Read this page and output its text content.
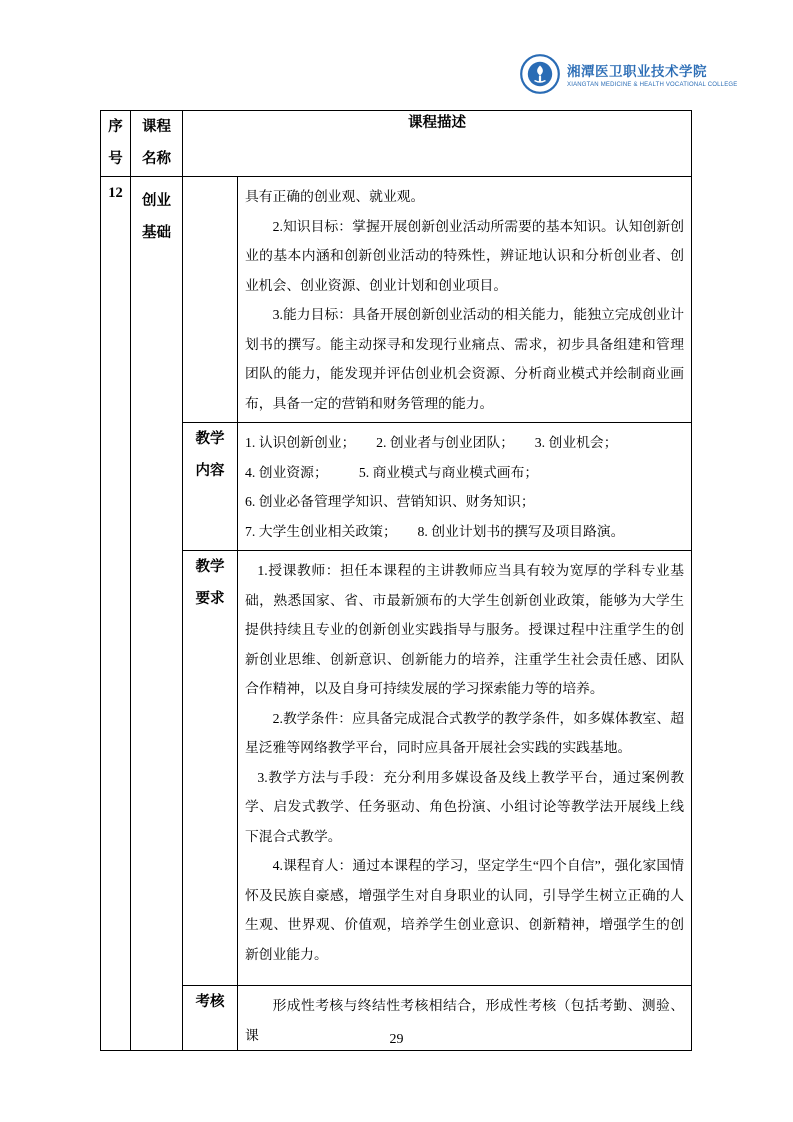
湘潭医卫职业技术学院
XIANGTAN MEDICINE & HEALTH VOCATIONAL COLLEGE
序号	课程名称	课程描述	
12	创业基础		具有正确的创业观、就业观。

2.知识目标：掌握开展创新创业活动所需要的基本知识。认知创新创业的基本内涵和创新创业活动的特殊性，辨证地认识和分析创业者、创业机会、创业资源、创业计划和创业项目。

3.能力目标：具备开展创新创业活动的相关能力，能独立完成创业计划书的撰写。能主动探寻和发现行业痛点、需求，初步具备组建和管理团队的能力，能发现并评估创业机会资源、分析商业模式并绘制商业画布，具备一定的营销和财务管理的能力。

		教学内容	1. 认识创新创业；      2. 创业者与创业团队；      3. 创业机会；

4. 创业资源；         5. 商业模式与商业模式画布；

6. 创业必备管理学知识、营销知识、财务知识；

7. 大学生创业相关政策；      8. 创业计划书的撰写及项目路演。

		教学要求	1.授课教师：担任本课程的主讲教师应当具有较为宽厚的学科专业基础，熟悉国家、省、市最新颁布的大学生创新创业政策，能够为大学生提供持续且专业的创新创业实践指导与服务。授课过程中注重学生的创新创业思维、创新意识、创新能力的培养，注重学生社会责任感、团队合作精神，以及自身可持续发展的学习探索能力等的培养。

2.教学条件：应具备完成混合式教学的教学条件，如多媒体教室、超星泛雅等网络教学平台，同时应具备开展社会实践的实践基地。

3.教学方法与手段：充分利用多媒设备及线上教学平台，通过案例教学、启发式教学、任务驱动、角色扮演、小组讨论等教学法开展线上线下混合式教学。

4.课程育人：通过本课程的学习，坚定学生“四个自信”，强化家国情怀及民族自豪感，增强学生对自身职业的认同，引导学生树立正确的人生观、世界观、价值观，培养学生创业意识、创新精神，增强学生的创新创业能力。

		考核	形成性考核与终结性考核相结合，形成性考核（包括考勤、测验、课	29
